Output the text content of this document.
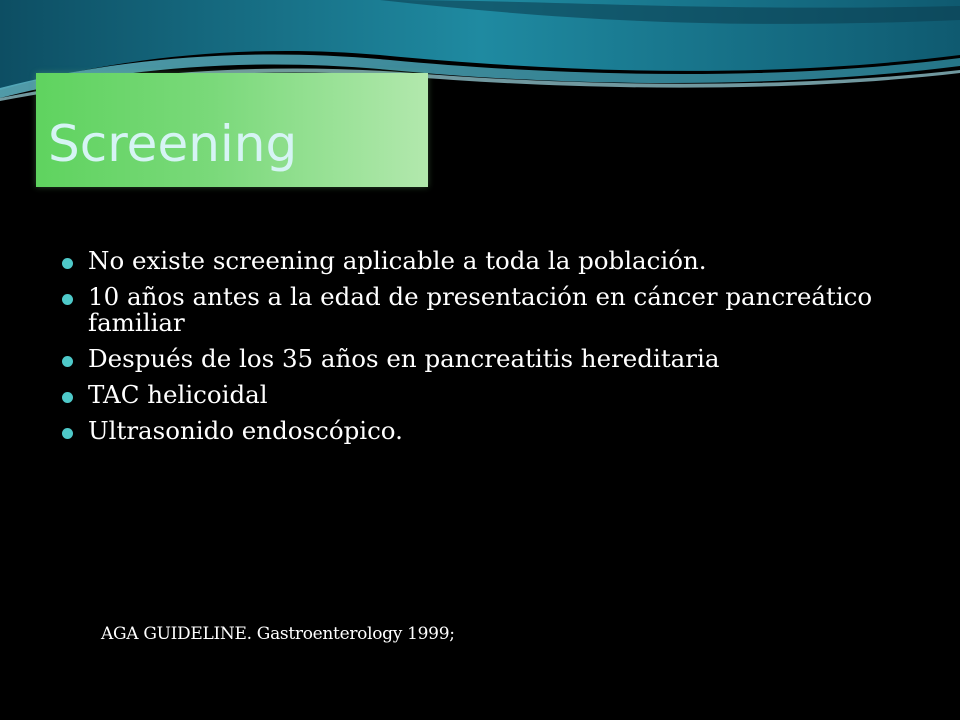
Screening
No existe screening aplicable a toda la población.
10 años antes a la edad de presentación en cáncer pancreático familiar
Después de los 35 años en pancreatitis hereditaria
TAC helicoidal
Ultrasonido endoscópico.

AGA GUIDELINE. Gastroenterology 1999;
